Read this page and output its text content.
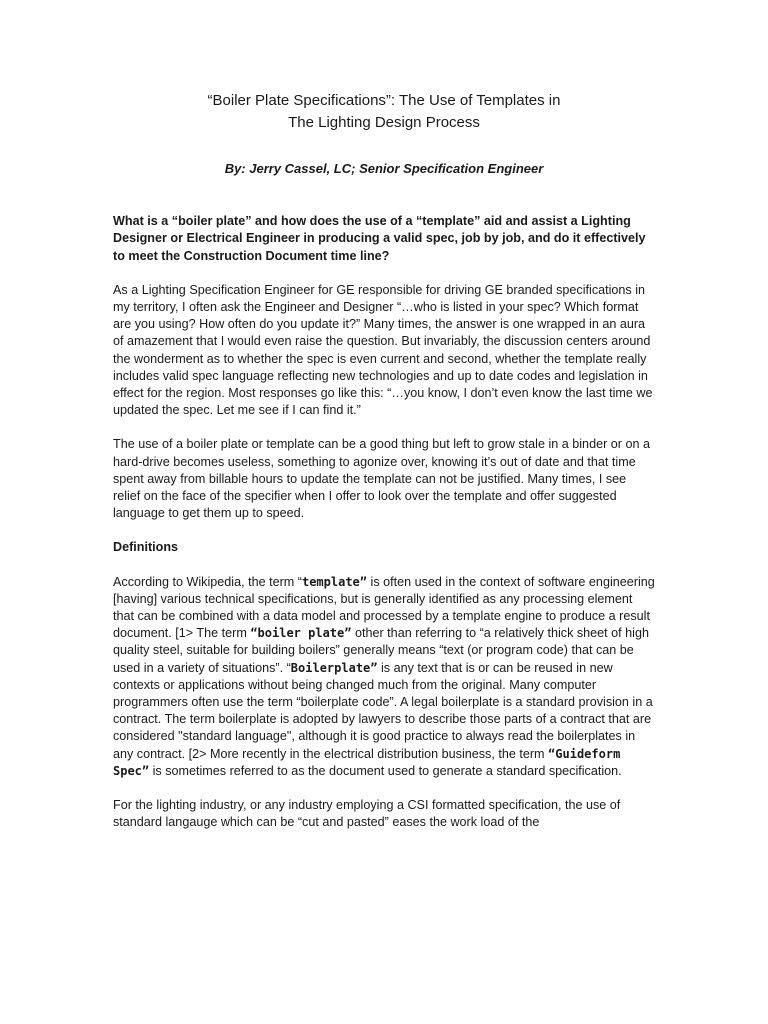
“Boiler Plate Specifications”: The Use of Templates in
The Lighting Design Process

By: Jerry Cassel, LC; Senior Specification Engineer

What is a “boiler plate” and how does the use of a “template” aid and assist a Lighting Designer or Electrical Engineer in producing a valid spec, job by job, and do it effectively to meet the Construction Document time line?

As a Lighting Specification Engineer for GE responsible for driving GE branded specifications in my territory, I often ask the Engineer and Designer “…who is listed in your spec? Which format are you using? How often do you update it?” Many times, the answer is one wrapped in an aura of amazement that I would even raise the question. But invariably, the discussion centers around the wonderment as to whether the spec is even current and second, whether the template really includes valid spec language reflecting new technologies and up to date codes and legislation in effect for the region. Most responses go like this: “…you know, I don’t even know the last time we updated the spec. Let me see if I can find it.”

The use of a boiler plate or template can be a good thing but left to grow stale in a binder or on a hard-drive becomes useless, something to agonize over, knowing it’s out of date and that time spent away from billable hours to update the template can not be justified. Many times, I see relief on the face of the specifier when I offer to look over the template and offer suggested language to get them up to speed.

Definitions

According to Wikipedia, the term “template” is often used in the context of software engineering [having] various technical specifications, but is generally identified as any processing element that can be combined with a data model and processed by a template engine to produce a result document. [1> The term “boiler plate” other than referring to “a relatively thick sheet of high quality steel, suitable for building boilers” generally means “text (or program code) that can be used in a variety of situations”. “Boilerplate” is any text that is or can be reused in new contexts or applications without being changed much from the original. Many computer programmers often use the term “boilerplate code”. A legal boilerplate is a standard provision in a contract. The term boilerplate is adopted by lawyers to describe those parts of a contract that are considered "standard language", although it is good practice to always read the boilerplates in any contract. [2> More recently in the electrical distribution business, the term “Guideform Spec” is sometimes referred to as the document used to generate a standard specification.

For the lighting industry, or any industry employing a CSI formatted specification, the use of standard langauge which can be “cut and pasted” eases the work load of the
